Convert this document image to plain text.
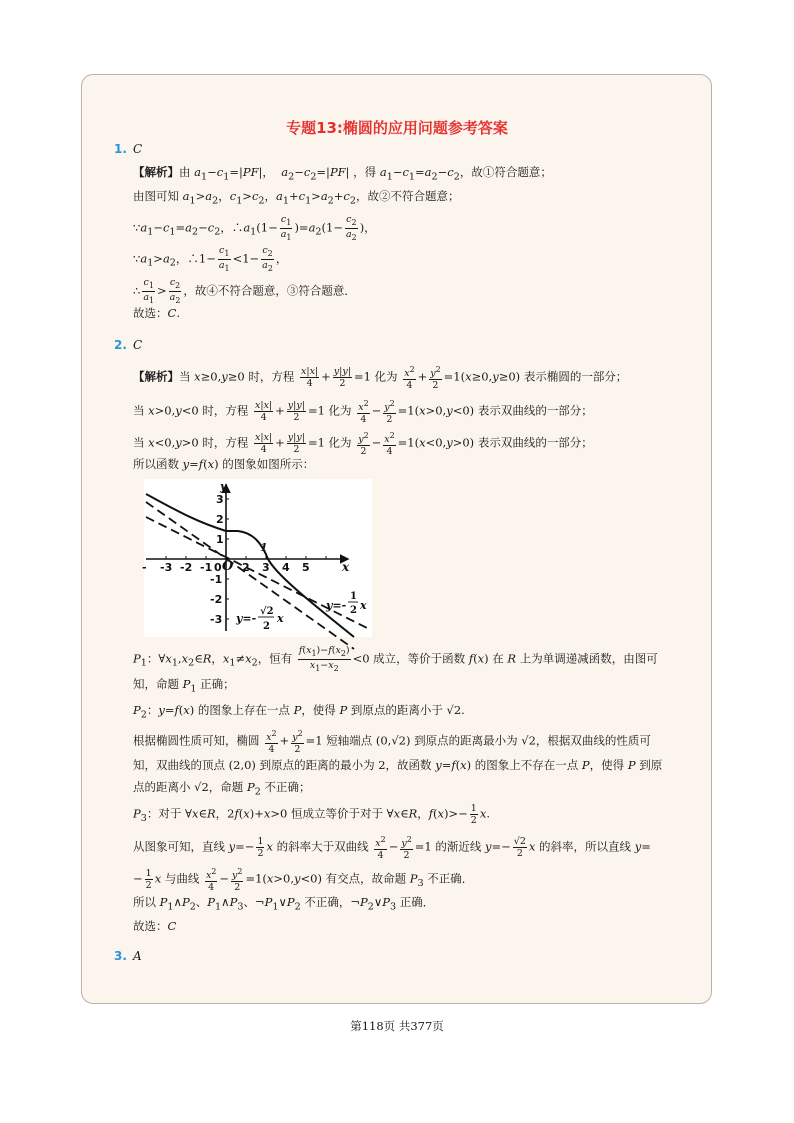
专题13:椭圆的应用问题参考答案
1. C
【解析】由 $a_1-c_1=|PF|$，  $a_2-c_2=|PF|$ ，得 $a_1-c_1=a_2-c_2$，故①符合题意；
由图可知 $a_1>a_2$，$c_1>c_2$，$a_1+c_1>a_2+c_2$，故②不符合题意；
$\because a_1-c_1=a_2-c_2$，$\therefore a_1(1- \frac{c_1}{a_1} )=a_2(1- \frac{c_2}{a_2}$ )，
$\because a_1>a_2$，∴1− $\frac{c_1}{a_1} <1- \frac{c_2}{a_2}$ ，
∴ $\frac{c_1}{a_1} > \frac{c_2}{a_2}$ ，故④不符合题意，③符合题意．
故选：C.
2. C
【解析】当 x≥0,y≥0 时，方程 $\frac{x|x|}{4} + \frac{y|y|}{2} =1$ 化为 $\frac{x^2}{4} + \frac{y^2}{2} =1(x\ge 0,y\ge 0)$ 表示椭圆的一部分；
当 x>0,y<0 时，方程 $\frac{x|x|}{4} + \frac{y|y|}{2} =1$ 化为 $\frac{x^2}{4} - \frac{y^2}{2} =1(x>0,y<0)$ 表示双曲线的一部分；
当 x<0,y>0 时，方程 $\frac{x|x|}{4} + \frac{y|y|}{2} =1$ 化为 $\frac{y^2}{2} - \frac{x^2}{4} =1(x<0,y>0)$ 表示双曲线的一部分；
所以函数 y=f(x) 的图象如图所示：
- -3 -2 -1 0 2 3 4 5
3
2
1
-1
-2
-3
y
x
O
1
y=-
√2
2
x
y=-
1
2 x
$P_1$：$\forall x_1,x_2\in R$，$x_1\ne x_2$，恒有 $\frac{f(x_1)-f(x_2)}{x_1-x_2} <0$ 成立，等价于函数 f(x) 在 R 上为单调递减函数，由图可
知，命题 $P_1$ 正确；
$P_2$：y=f(x) 的图象上存在一点 P，使得 P 到原点的距离小于 √2.
根据椭圆性质可知，椭圆 $\frac{x^2}{4} + \frac{y^2}{2} =1$ 短轴端点 (0,√2) 到原点的距离最小为 √2，根据双曲线的性质可
知，双曲线的顶点 (2,0) 到原点的距离的最小为 2，故函数 y=f(x) 的图象上不存在一点 P，使得 P 到原
点的距离小 √2，命题 $P_2$ 不正确；
$P_3$：对于 ∀x∈R，2f(x)+x>0 恒成立等价于对于 ∀x∈R，$f(x)>- \frac{1}{2} x$.
从图象可知，直线 $y=- \frac{1}{2}$ x 的斜率大于双曲线 $\frac{x^2}{4} - \frac{y^2}{2} =1$ 的渐近线 $y=- \frac{√2}{2}$ x 的斜率，所以直线 y=
− $\frac{1}{2}$ x 与曲线 $\frac{x^2}{4} - \frac{y^2}{2} =1(x>0,y<0)$ 有交点，故命题 $P_3$ 不正确．
所以 $P_1\wedge P_2$、$P_1\wedge P_3$、$\neg P_1\vee P_2$ 不正确，$\neg P_2\vee P_3$ 正确．
故选：C
3. A
第118页 共377页
